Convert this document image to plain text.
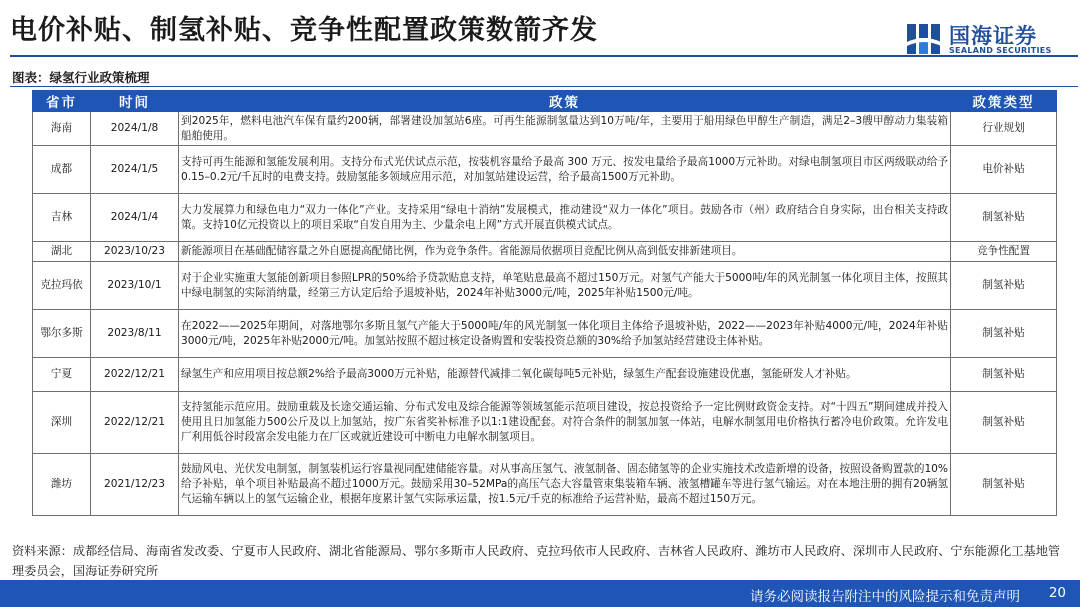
电价补贴、制氢补贴、竞争性配置政策数箭齐发	国海证券
SEALAND SECURITIES
图表：绿氢行业政策梳理
省市	时间	政策	政策类型
海南	2024/1/8	到2025年，燃料电池汽车保有量约200辆，部署建设加氢站6座。可再生能源制氢量达到10万吨/年，主要用于船用绿色甲醇生产制造，满足2–3艘甲醇动力集装箱船舶使用。	行业规划
成都	2024/1/5	支持可再生能源和氢能发展利用。支持分布式光伏试点示范，按装机容量给予最高 300 万元、按发电量给予最高1000万元补助。对绿电制氢项目市区两级联动给予0.15–0.2元/千瓦时的电费支持。鼓励氢能多领域应用示范，对加氢站建设运营，给予最高1500万元补助。	电价补贴
吉林	2024/1/4	大力发展算力和绿色电力“双力一体化”产业。支持采用“绿电十消纳”发展模式，推动建设“双力一体化”项目。鼓励各市（州）政府结合自身实际，出台相关支持政策。支持10亿元投资以上的项目采取“自发自用为主、少量余电上网”方式开展直供模式试点。	制氢补贴
湖北	2023/10/23	新能源项目在基础配储容量之外自愿提高配储比例，作为竞争条件。省能源局依据项目竞配比例从高到低安排新建项目。	竞争性配置
克拉玛依	2023/10/1	对于企业实施重大氢能创新项目参照LPR的50%给予贷款贴息支持，单笔贴息最高不超过150万元。对氢气产能大于5000吨/年的风光制氢一体化项目主体，按照其中绿电制氢的实际消纳量，经第三方认定后给予退坡补贴，2024年补贴3000元/吨，2025年补贴1500元/吨。	制氢补贴
鄂尔多斯	2023/8/11	在2022——2025年期间，对落地鄂尔多斯且氢气产能大于5000吨/年的风光制氢一体化项目主体给予退坡补贴，2022——2023年补贴4000元/吨，2024年补贴3000元/吨，2025年补贴2000元/吨。加氢站按照不超过核定设备购置和安装投资总额的30%给予加氢站经营建设主体补贴。	制氢补贴
宁夏	2022/12/21	绿氢生产和应用项目按总额2%给予最高3000万元补贴，能源替代减排二氧化碳每吨5元补贴，绿氢生产配套设施建设优惠，氢能研发人才补贴。	制氢补贴
深圳	2022/12/21	支持氢能示范应用。鼓励重载及长途交通运输、分布式发电及综合能源等领域氢能示范项目建设，按总投资给予一定比例财政资金支持。对“十四五”期间建成并投入使用且日加氢能力500公斤及以上加氢站，按广东省奖补标准予以1:1建设配套。对符合条件的制氢加氢一体站，电解水制氢用电价格执行蓄冷电价政策。允许发电厂利用低谷时段富余发电能力在厂区或就近建设可中断电力电解水制氢项目。	制氢补贴
潍坊	2021/12/23	鼓励风电、光伏发电制氢，制氢装机运行容量视同配建储能容量。对从事高压氢气、液氢制备、固态储氢等的企业实施技术改造新增的设备，按照设备购置款的10%给予补贴，单个项目补贴最高不超过1000万元。鼓励采用30–52MPa的高压气态大容量管束集装箱车辆、液氢槽罐车等进行氢气输运。对在本地注册的拥有20辆氢气运输车辆以上的氢气运输企业，根据年度累计氢气实际承运量，按1.5元/千克的标准给予运营补贴，最高不超过150万元。	制氢补贴
资料来源：成都经信局、海南省发改委、宁夏市人民政府、湖北省能源局、鄂尔多斯市人民政府、克拉玛依市人民政府、吉林省人民政府、潍坊市人民政府、深圳市人民政府、宁东能源化工基地管理委员会，国海证券研究所
请务必阅读报告附注中的风险提示和免责声明 20
